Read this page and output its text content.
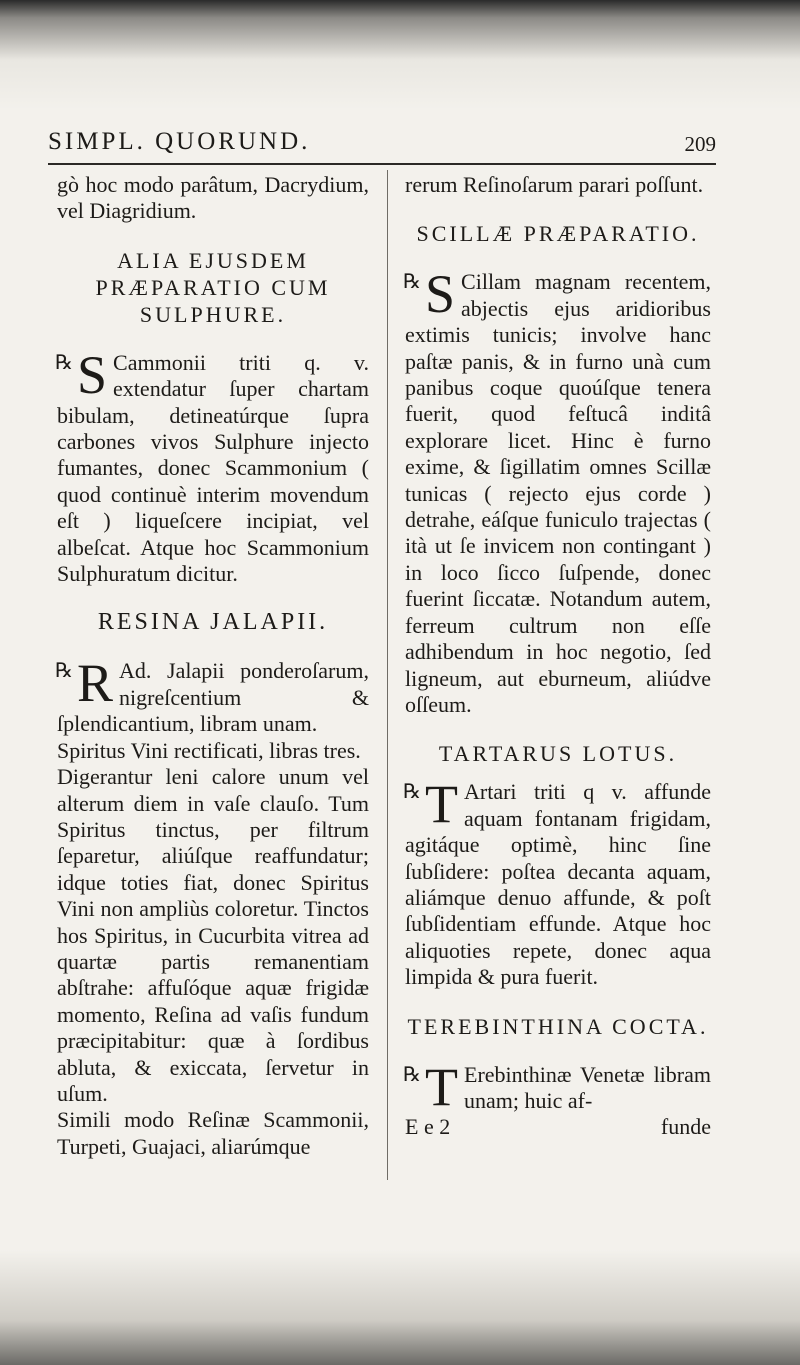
SIMPL. QUORUND.	209

gò hoc modo parâtum, Dacrydium, vel Diagridium.

ALIA EJUSDEM PRÆPARATIO CUM SULPHURE.
℞ S Cammonii triti q. v. extendatur ſuper chartam bibulam, detineatúrque ſupra carbones vivos Sulphure injecto fumantes, donec Scammonium ( quod continuè interim movendum eſt ) liqueſcere incipiat, vel albeſcat. Atque hoc Scammonium Sulphuratum dicitur.

RESINA JALAPII.
℞ R Ad. Jalapii ponderoſarum, nigreſcentium & ſplendicantium, libram unam.

Spiritus Vini rectificati, libras tres.

Digerantur leni calore unum vel alterum diem in vaſe clauſo. Tum Spiritus tinctus, per filtrum ſeparetur, aliúſque reaffundatur; idque toties fiat, donec Spiritus Vini non ampliùs coloretur. Tinctos hos Spiritus, in Cucurbita vitrea ad quartæ partis remanentiam abſtrahe: affuſóque aquæ frigidæ momento, Reſina ad vaſis fundum præcipitabitur: quæ à ſordibus abluta, & exiccata, ſervetur in uſum.

Simili modo Reſinæ Scammonii, Turpeti, Guajaci, aliarúmque

rerum Reſinoſarum parari poſſunt.

SCILLÆ PRÆPARATIO.
℞ S Cillam magnam recentem, abjectis ejus aridioribus extimis tunicis; involve hanc paſtæ panis, & in furno unà cum panibus coque quoúſque tenera fuerit, quod feſtucâ inditâ explorare licet. Hinc è furno exime, & ſigillatim omnes Scillæ tunicas ( rejecto ejus corde ) detrahe, eáſque funiculo trajectas ( ità ut ſe invicem non contingant ) in loco ſicco ſuſpende, donec fuerint ſiccatæ. Notandum autem, ferreum cultrum non eſſe adhibendum in hoc negotio, ſed ligneum, aut eburneum, aliúdve oſſeum.

TARTARUS LOTUS.
℞ T Artari triti q v. affunde aquam fontanam frigidam, agitáque optimè, hinc ſine ſubſidere: poſtea decanta aquam, aliámque denuo affunde, & poſt ſubſidentiam effunde. Atque hoc aliquoties repete, donec aqua limpida & pura fuerit.

TEREBINTHINA COCTA.
℞ T Erebinthinæ Venetæ libram unam; huic af-

E e 2	funde
